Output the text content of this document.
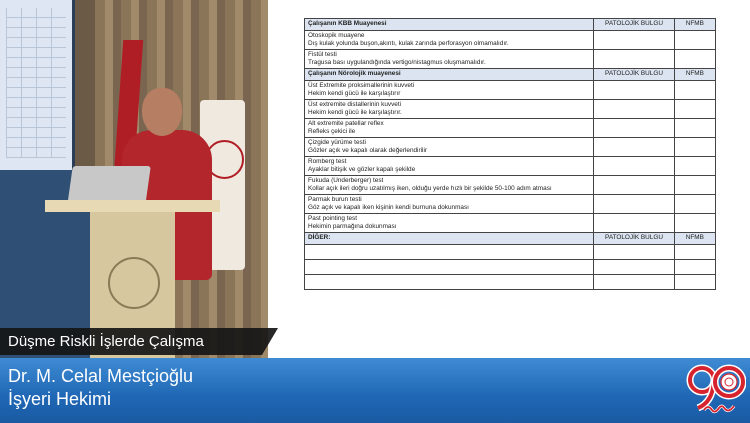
Çalışanın KBB Muayenesi	PATOLOJİK BULGU	NFMB

Otoskopik muayene
Dış kulak yolunda buşon,akıntı, kulak zarında perforasyon olmamalıdır.		

Fistül testi
Tragusa bası uygulandığında vertigo/nistagmus oluşmamalıdır.		

Çalışanın Nörolojik muayenesi	PATOLOJİK BULGU	NFMB

Üst Extremite proksimallerinin kuvveti
Hekim kendi gücü ile karşılaştırır		

Üst extremite distallerinin kuvveti
Hekim kendi gücü ile karşılaştırır.		

Alt extremite patellar reflex
Refleks çekici ile		

Çizgide yürüme testi
Gözler açık ve kapalı olarak değerlendirilir		

Romberg test
Ayaklar bitişik ve gözler kapalı şekilde		

Fukuda (Underberger) test
Kollar açık ileri doğru uzatılmış iken, olduğu yerde hızlı bir şekilde 50-100 adım atması		

Parmak burun testi
Göz açık ve kapalı iken kişinin kendi burnuna dokunması		

Past pointing test
Hekimin parmağına dokunması		

DİĞER:	PATOLOJİK BULGU	NFMB

Düşme Riskli İşlerde Çalışma
Dr. M. Celal Mestçioğlu
İşyeri Hekimi
